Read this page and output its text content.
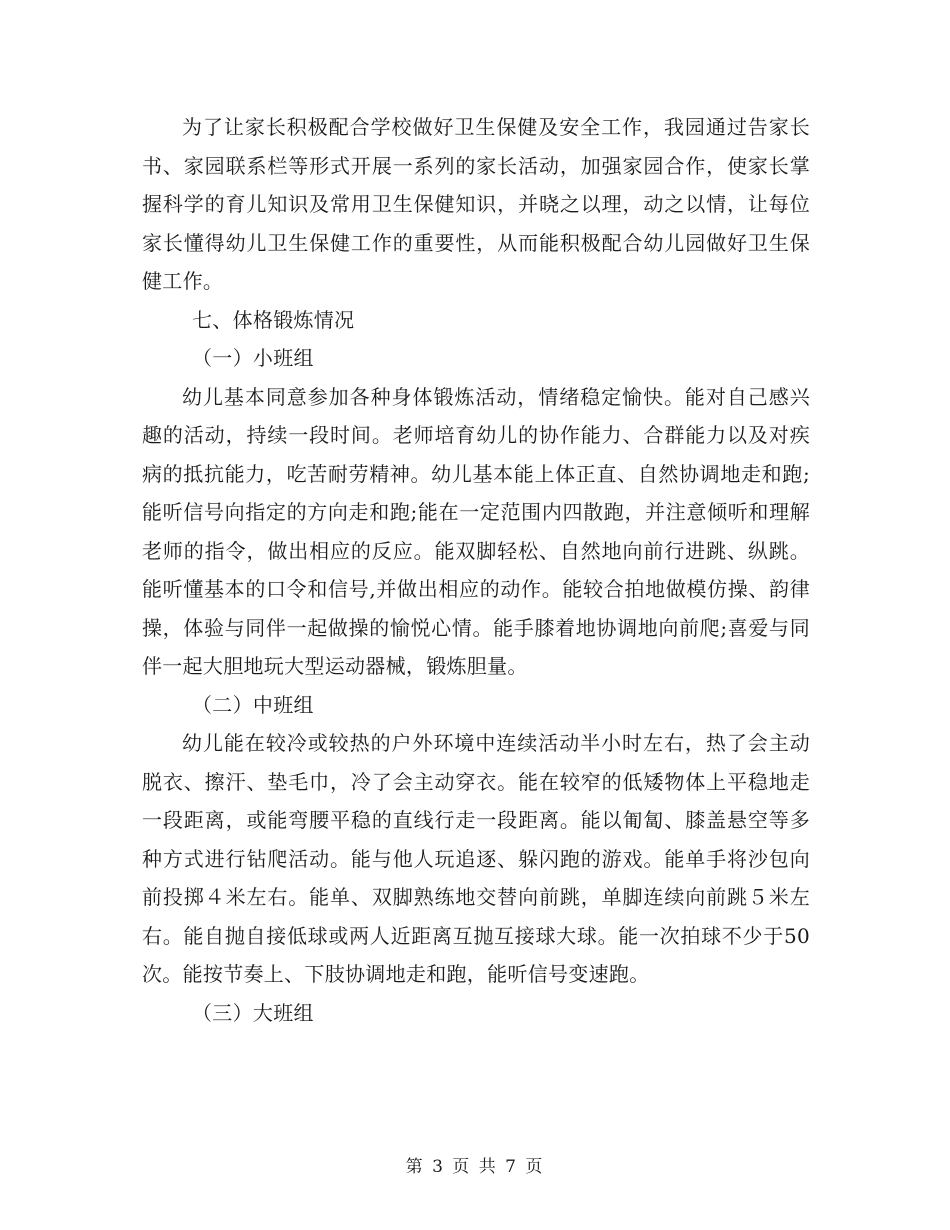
为了让家长积极配合学校做好卫生保健及安全工作，我园通过告家长书、家园联系栏等形式开展一系列的家长活动，加强家园合作，使家长掌握科学的育儿知识及常用卫生保健知识，并晓之以理，动之以情，让每位家长懂得幼儿卫生保健工作的重要性，从而能积极配合幼儿园做好卫生保健工作。

七、体格锻炼情况

（一）小班组

幼儿基本同意参加各种身体锻炼活动，情绪稳定愉快。能对自己感兴趣的活动，持续一段时间。老师培育幼儿的协作能力、合群能力以及对疾病的抵抗能力，吃苦耐劳精神。幼儿基本能上体正直、自然协调地走和跑;能听信号向指定的方向走和跑;能在一定范围内四散跑，并注意倾听和理解老师的指令，做出相应的反应。能双脚轻松、自然地向前行进跳、纵跳。能听懂基本的口令和信号,并做出相应的动作。能较合拍地做模仿操、韵律操，体验与同伴一起做操的愉悦心情。能手膝着地协调地向前爬;喜爱与同伴一起大胆地玩大型运动器械，锻炼胆量。

（二）中班组

幼儿能在较冷或较热的户外环境中连续活动半小时左右，热了会主动脱衣、擦汗、垫毛巾，冷了会主动穿衣。能在较窄的低矮物体上平稳地走一段距离，或能弯腰平稳的直线行走一段距离。能以匍匐、膝盖悬空等多种方式进行钻爬活动。能与他人玩追逐、躲闪跑的游戏。能单手将沙包向前投掷４米左右。能单、双脚熟练地交替向前跳，单脚连续向前跳５米左右。能自抛自接低球或两人近距离互抛互接球大球。能一次拍球不少于50次。能按节奏上、下肢协调地走和跑，能听信号变速跑。

（三）大班组

第 3 页 共 7 页
